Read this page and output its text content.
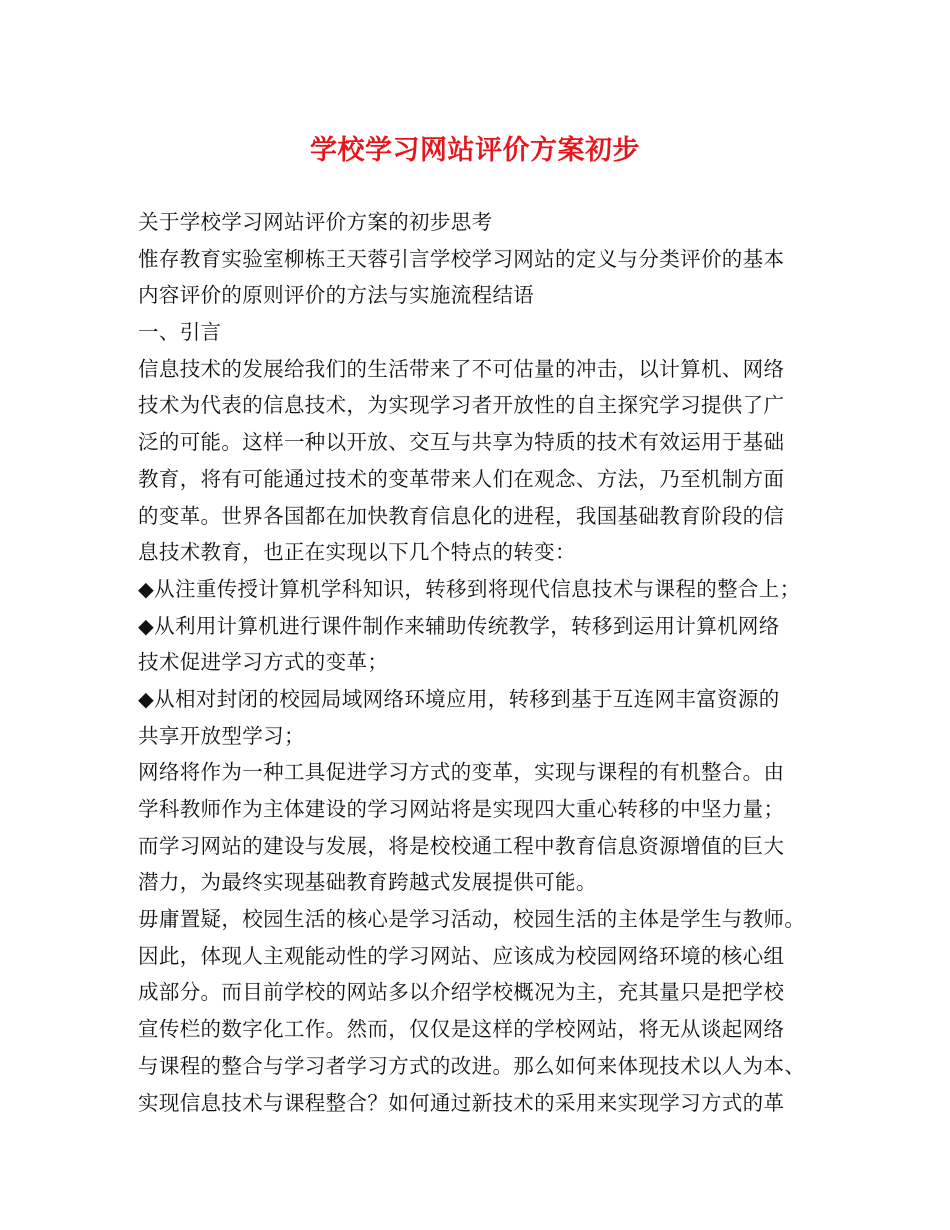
学校学习网站评价方案初步
关于学校学习网站评价方案的初步思考
惟存教育实验室柳栋王天蓉引言学校学习网站的定义与分类评价的基本
内容评价的原则评价的方法与实施流程结语
一、引言
信息技术的发展给我们的生活带来了不可估量的冲击，以计算机、网络
技术为代表的信息技术，为实现学习者开放性的自主探究学习提供了广
泛的可能。这样一种以开放、交互与共享为特质的技术有效运用于基础
教育，将有可能通过技术的变革带来人们在观念、方法，乃至机制方面
的变革。世界各国都在加快教育信息化的进程，我国基础教育阶段的信
息技术教育，也正在实现以下几个特点的转变：
◆从注重传授计算机学科知识，转移到将现代信息技术与课程的整合上；
◆从利用计算机进行课件制作来辅助传统教学，转移到运用计算机网络
技术促进学习方式的变革；
◆从相对封闭的校园局域网络环境应用，转移到基于互连网丰富资源的
共享开放型学习；
网络将作为一种工具促进学习方式的变革，实现与课程的有机整合。由
学科教师作为主体建设的学习网站将是实现四大重心转移的中坚力量；
而学习网站的建设与发展，将是校校通工程中教育信息资源增值的巨大
潜力，为最终实现基础教育跨越式发展提供可能。
毋庸置疑，校园生活的核心是学习活动，校园生活的主体是学生与教师。
因此，体现人主观能动性的学习网站、应该成为校园网络环境的核心组
成部分。而目前学校的网站多以介绍学校概况为主，充其量只是把学校
宣传栏的数字化工作。然而，仅仅是这样的学校网站，将无从谈起网络
与课程的整合与学习者学习方式的改进。那么如何来体现技术以人为本、
实现信息技术与课程整合？如何通过新技术的采用来实现学习方式的革
